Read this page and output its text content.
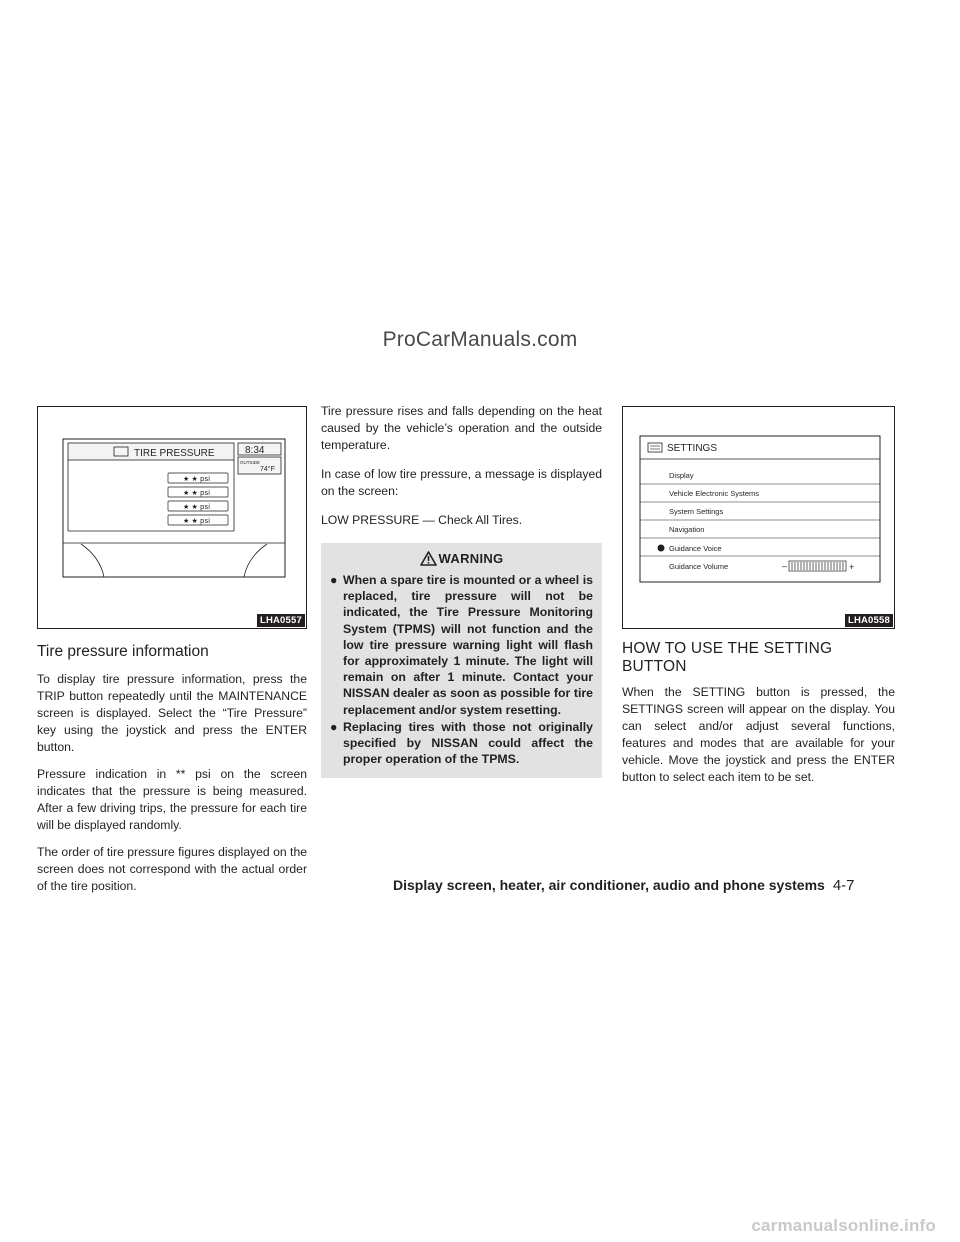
ProCarManuals.com
TIRE PRESSURE	8:34
OUTSIDE
74°F
★ ★ psi
★ ★ psi
★ ★ psi
★ ★ psi
LHA0557
Tire pressure information

To display tire pressure information, press the TRIP button repeatedly until the MAINTENANCE screen is displayed. Select the “Tire Pressure” key using the joystick and press the ENTER button.

Pressure indication in ** psi on the screen indicates that the pressure is being measured. After a few driving trips, the pressure for each tire will be displayed randomly.

The order of tire pressure figures displayed on the screen does not correspond with the actual order of the tire position.

Tire pressure rises and falls depending on the heat caused by the vehicle’s operation and the outside temperature.

In case of low tire pressure, a message is displayed on the screen:

LOW PRESSURE — Check All Tires.

WARNING
● When a spare tire is mounted or a wheel is replaced, tire pressure will not be indicated, the Tire Pressure Monitoring System (TPMS) will not function and the low tire pressure warning light will flash for approximately 1 minute. The light will remain on after 1 minute. Contact your NISSAN dealer as soon as possible for tire replacement and/or system resetting.
● Replacing tires with those not originally specified by NISSAN could affect the proper operation of the TPMS.
SETTINGS
Display
Vehicle Electronic Systems
System Settings
Navigation
Guidance Voice
Guidance Volume	–	+
LHA0558
HOW TO USE THE SETTING BUTTON

When the SETTING button is pressed, the SETTINGS screen will appear on the display. You can select and/or adjust several functions, features and modes that are available for your vehicle. Move the joystick and press the ENTER button to select each item to be set.

Display screen, heater, air conditioner, audio and phone systems 4-7
carmanualsonline.info
